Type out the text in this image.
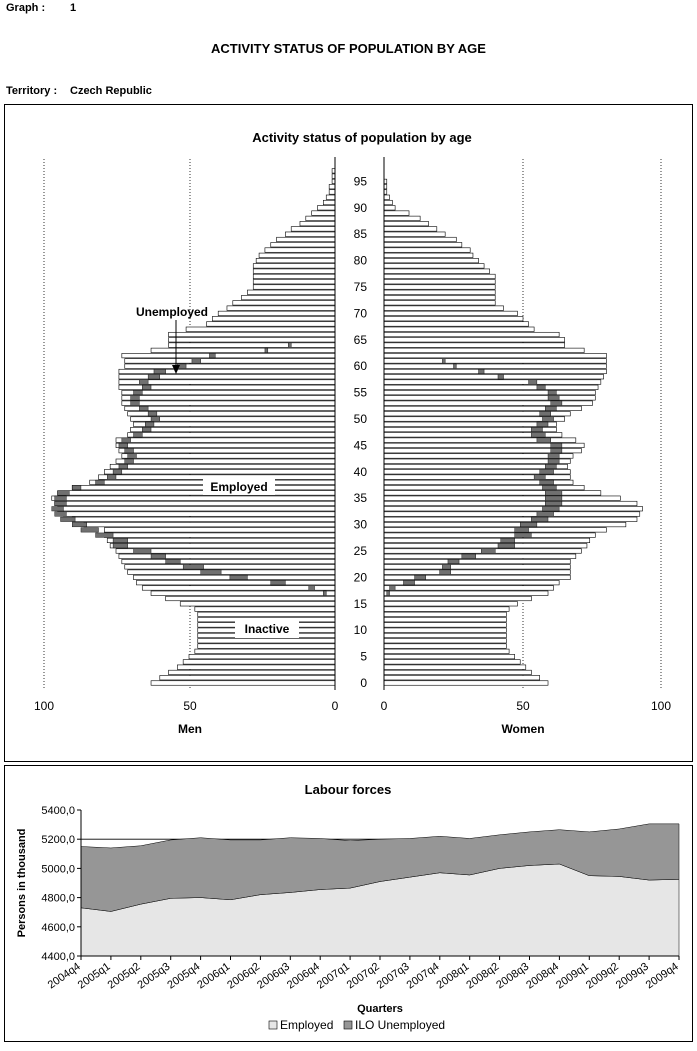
Graph : 1
ACTIVITY STATUS OF POPULATION BY AGE
Territory : Czech Republic
Activity status of population by age
0
5
10
15
20
25
30
35
40
45
50
55
60
65
70
75
80
85
90
95
100	50	0	0	50	100
Men	Women
Unemployed
Employed
Inactive
Labour forces
4400,0
4600,0
4800,0
5000,0
5200,0
5400,0
2004q4
2005q1
2005q2
2005q3
2005q4
2006q1
2006q2
2006q3
2006q4
2007q1
2007q2
2007q3
2007q4
2008q1
2008q2
2008q3
2008q4
2009q1
2009q2
2009q3
2009q4
Persons in thousand
Quarters
Employed ILO Unemployed
